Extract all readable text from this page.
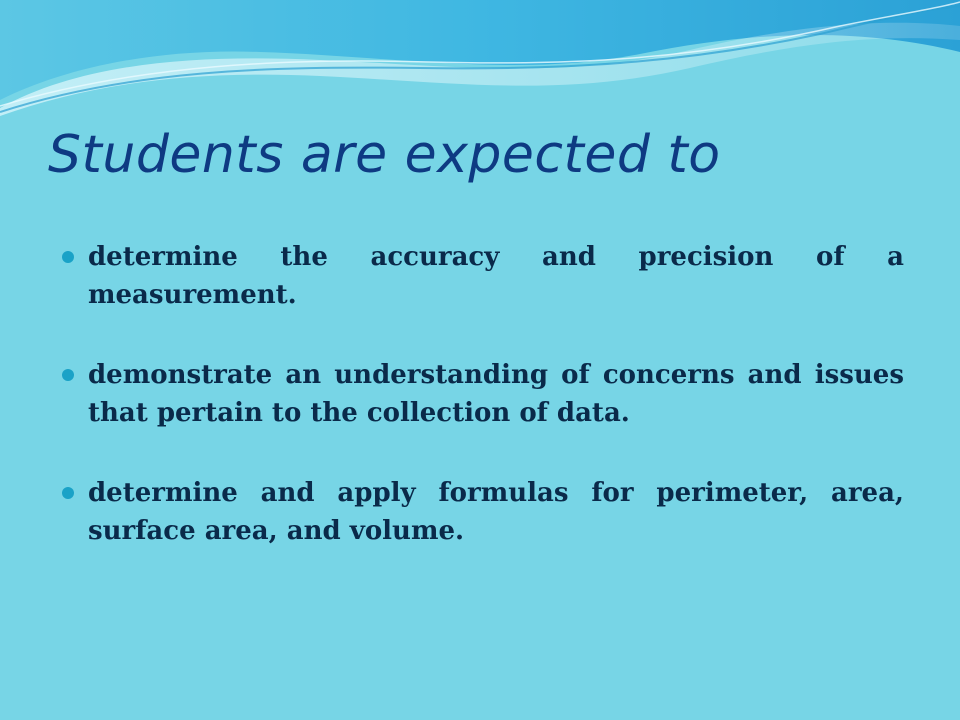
Students are expected to
determine the accuracy and precision of a measurement.
demonstrate an understanding of concerns and issues that pertain to the collection of data.
determine and apply formulas for perimeter, area, surface area, and volume.
